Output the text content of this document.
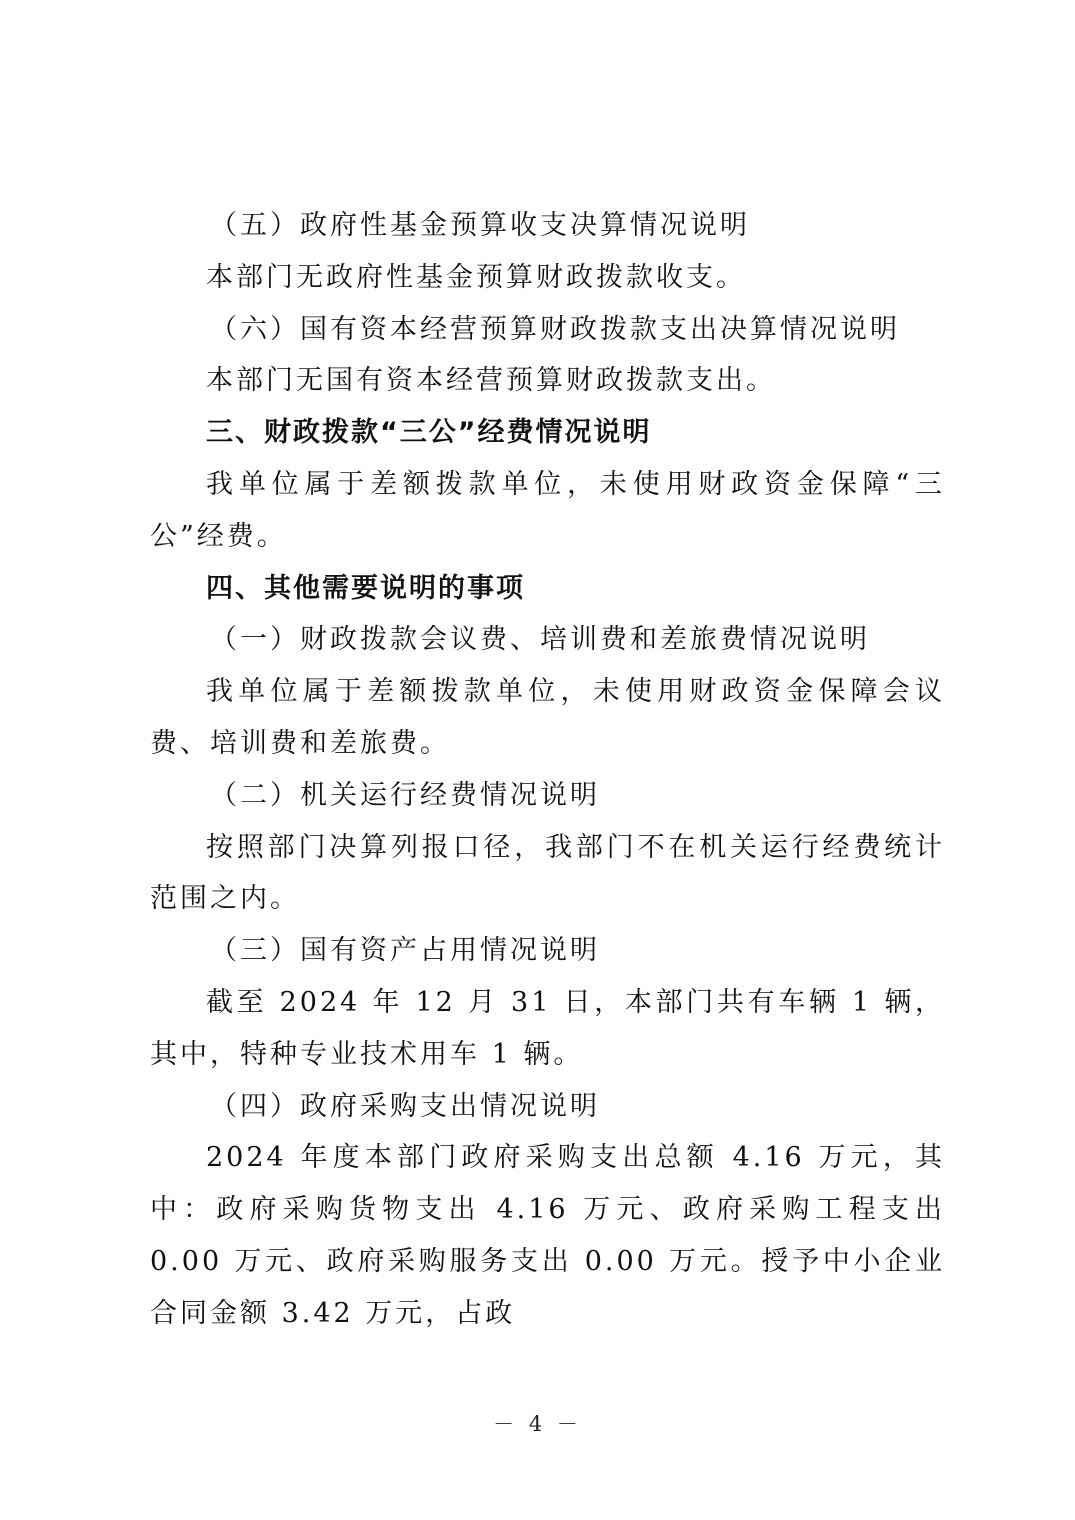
（五）政府性基金预算收支决算情况说明

本部门无政府性基金预算财政拨款收支。

（六）国有资本经营预算财政拨款支出决算情况说明

本部门无国有资本经营预算财政拨款支出。

三、财政拨款“三公”经费情况说明

我单位属于差额拨款单位，未使用财政资金保障“三公”经费。

四、其他需要说明的事项

（一）财政拨款会议费、培训费和差旅费情况说明

我单位属于差额拨款单位，未使用财政资金保障会议费、培训费和差旅费。

（二）机关运行经费情况说明

按照部门决算列报口径，我部门不在机关运行经费统计范围之内。

（三）国有资产占用情况说明

截至 2024 年 12 月 31 日，本部门共有车辆 1 辆，其中，特种专业技术用车 1 辆。

（四）政府采购支出情况说明

2024 年度本部门政府采购支出总额 4.16 万元，其中：政府采购货物支出 4.16 万元、政府采购工程支出 0.00 万元、政府采购服务支出 0.00 万元。授予中小企业合同金额 3.42 万元，占政

－ 4 －
